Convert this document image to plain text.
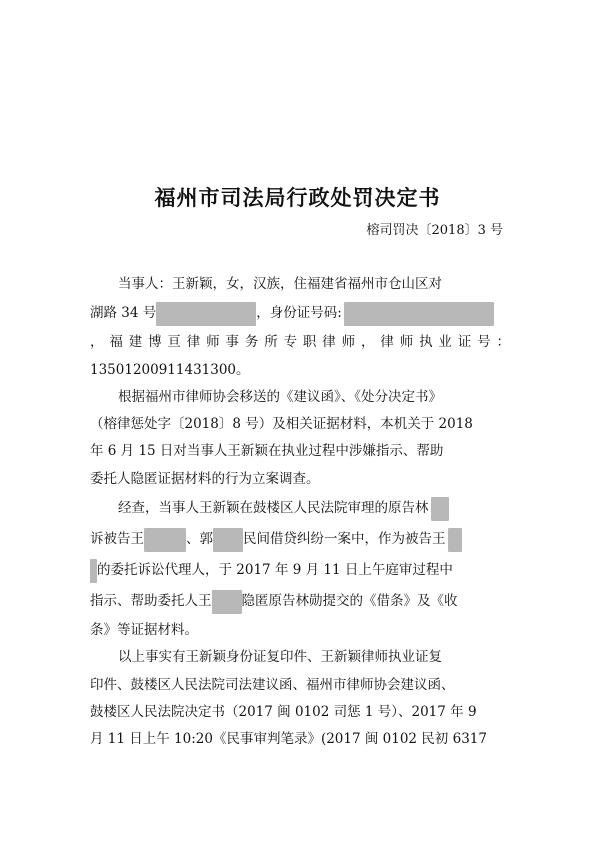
福州市司法局行政处罚决定书
榕司罚决〔2018〕3 号
当事人：王新颖，女，汉族，住福建省福州市仓山区对
湖路 34 号	，身份证号码:
，福建博亘律师事务所专职律师，律师执业证号：
13501200911431300。
根据福州市律师协会移送的《建议函》、《处分决定书》
（榕律惩处字〔2018〕8 号）及相关证据材料，本机关于 2018
年 6 月 15 日对当事人王新颖在执业过程中涉嫌指示、帮助
委托人隐匿证据材料的行为立案调查。
经查，当事人王新颖在鼓楼区人民法院审理的原告林
诉被告王	、郭 民间借贷纠纷一案中，作为被告王
的委托诉讼代理人，于 2017 年 9 月 11 日上午庭审过程中
指示、帮助委托人王 隐匿原告林勋提交的《借条》及《收
条》等证据材料。
以上事实有王新颖身份证复印件、王新颖律师执业证复
印件、鼓楼区人民法院司法建议函、福州市律师协会建议函、
鼓楼区人民法院决定书（2017 闽 0102 司惩 1 号）、2017 年 9
月 11 日上午 10:20《民事审判笔录》(2017 闽 0102 民初 6317
